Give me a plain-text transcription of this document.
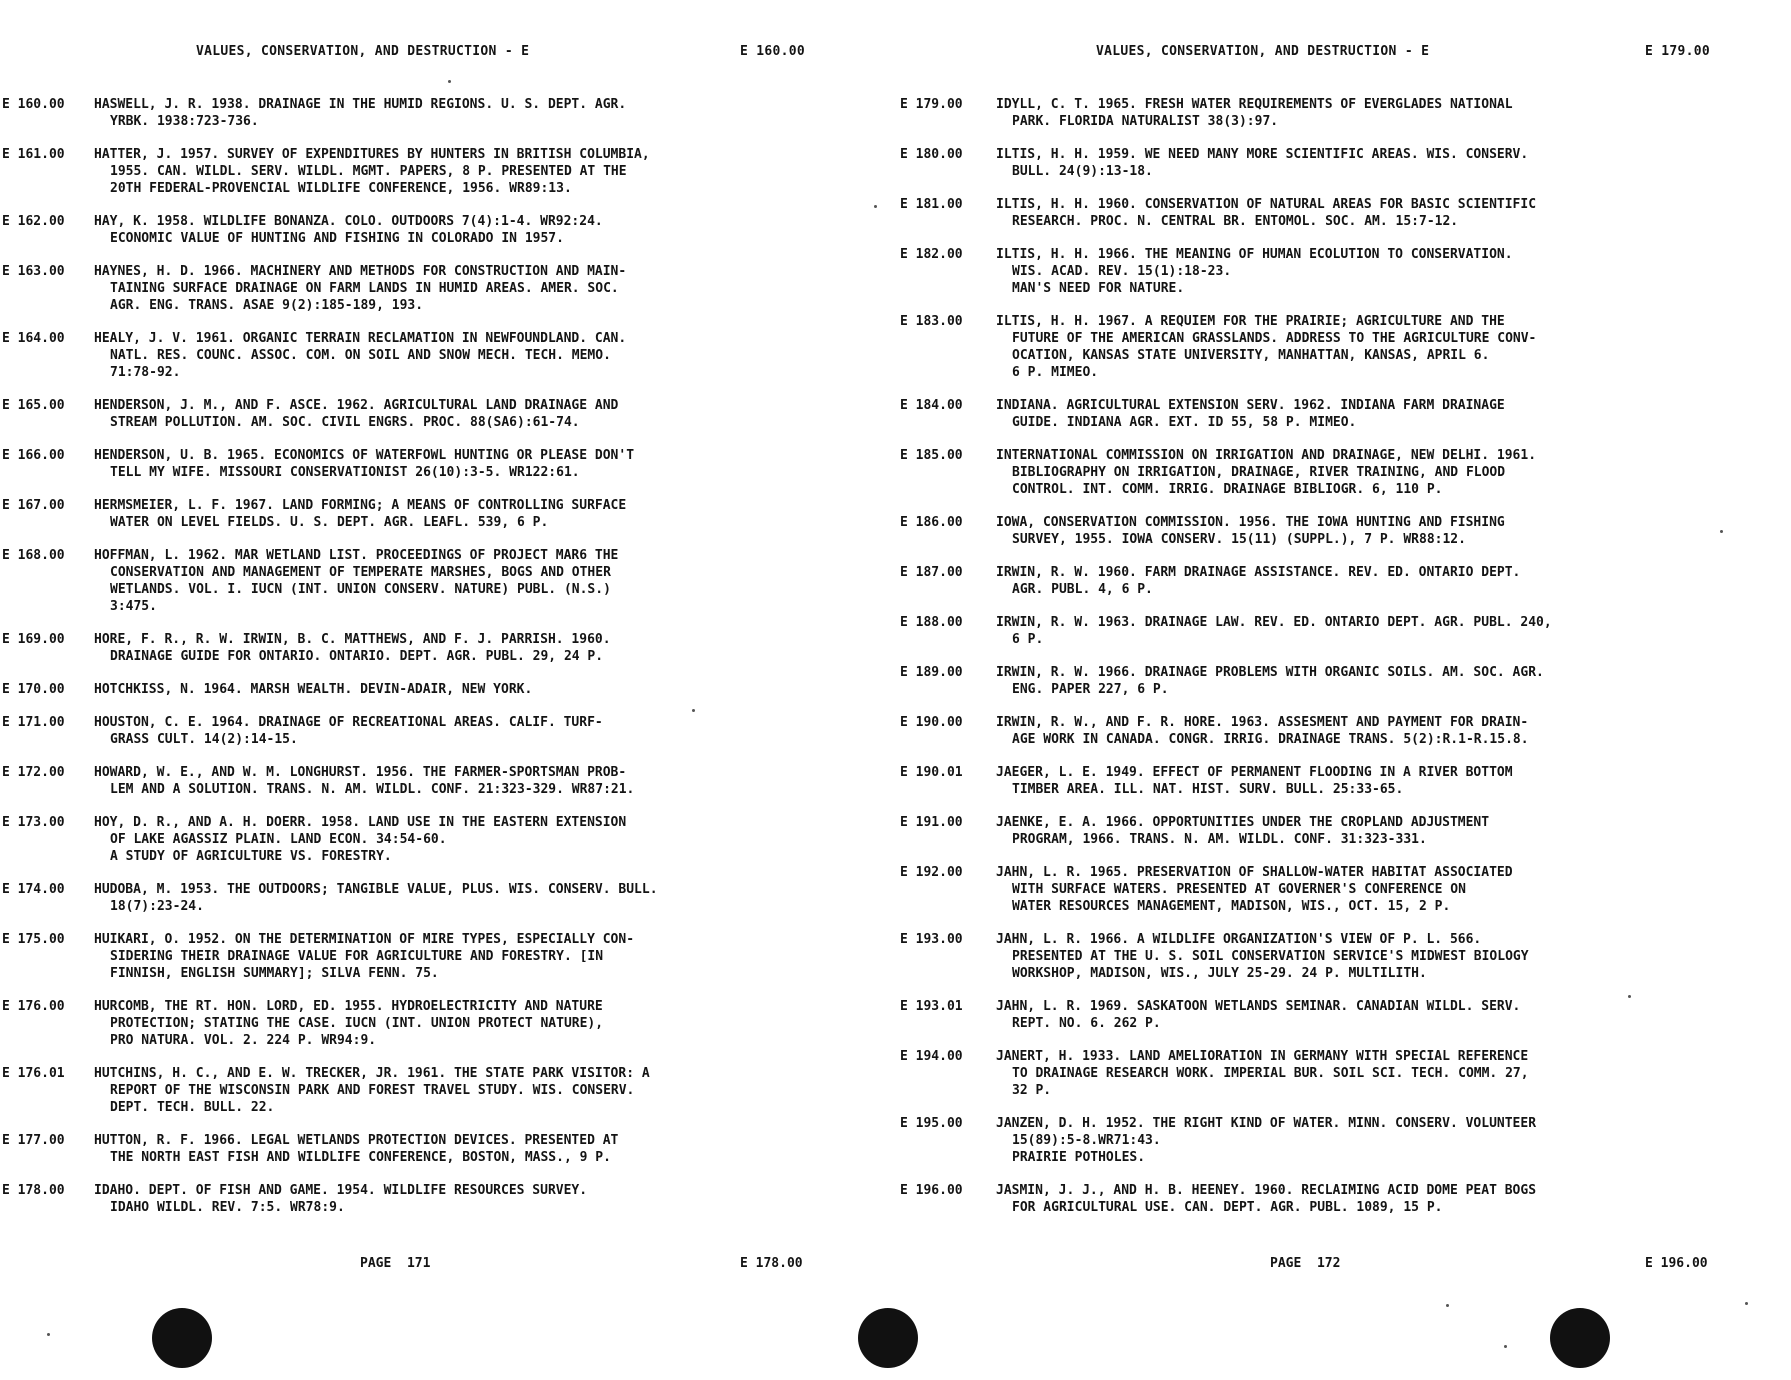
VALUES, CONSERVATION, AND DESTRUCTION - E	E 160.00
E 160.00 HASWELL, J. R. 1938. DRAINAGE IN THE HUMID REGIONS. U. S. DEPT. AGR.
YRBK. 1938:723-736.
E 161.00 HATTER, J. 1957. SURVEY OF EXPENDITURES BY HUNTERS IN BRITISH COLUMBIA,
1955. CAN. WILDL. SERV. WILDL. MGMT. PAPERS, 8 P. PRESENTED AT THE
20TH FEDERAL-PROVENCIAL WILDLIFE CONFERENCE, 1956. WR89:13.
E 162.00 HAY, K. 1958. WILDLIFE BONANZA. COLO. OUTDOORS 7(4):1-4. WR92:24.
ECONOMIC VALUE OF HUNTING AND FISHING IN COLORADO IN 1957.
E 163.00 HAYNES, H. D. 1966. MACHINERY AND METHODS FOR CONSTRUCTION AND MAIN-
TAINING SURFACE DRAINAGE ON FARM LANDS IN HUMID AREAS. AMER. SOC.
AGR. ENG. TRANS. ASAE 9(2):185-189, 193.
E 164.00 HEALY, J. V. 1961. ORGANIC TERRAIN RECLAMATION IN NEWFOUNDLAND. CAN.
NATL. RES. COUNC. ASSOC. COM. ON SOIL AND SNOW MECH. TECH. MEMO.
71:78-92.
E 165.00 HENDERSON, J. M., AND F. ASCE. 1962. AGRICULTURAL LAND DRAINAGE AND
STREAM POLLUTION. AM. SOC. CIVIL ENGRS. PROC. 88(SA6):61-74.
E 166.00 HENDERSON, U. B. 1965. ECONOMICS OF WATERFOWL HUNTING OR PLEASE DON'T
TELL MY WIFE. MISSOURI CONSERVATIONIST 26(10):3-5. WR122:61.
E 167.00 HERMSMEIER, L. F. 1967. LAND FORMING; A MEANS OF CONTROLLING SURFACE
WATER ON LEVEL FIELDS. U. S. DEPT. AGR. LEAFL. 539, 6 P.
E 168.00 HOFFMAN, L. 1962. MAR WETLAND LIST. PROCEEDINGS OF PROJECT MAR6 THE
CONSERVATION AND MANAGEMENT OF TEMPERATE MARSHES, BOGS AND OTHER
WETLANDS. VOL. I. IUCN (INT. UNION CONSERV. NATURE) PUBL. (N.S.)
3:475.
E 169.00 HORE, F. R., R. W. IRWIN, B. C. MATTHEWS, AND F. J. PARRISH. 1960.
DRAINAGE GUIDE FOR ONTARIO. ONTARIO. DEPT. AGR. PUBL. 29, 24 P.
E 170.00 HOTCHKISS, N. 1964. MARSH WEALTH. DEVIN-ADAIR, NEW YORK.
E 171.00 HOUSTON, C. E. 1964. DRAINAGE OF RECREATIONAL AREAS. CALIF. TURF-
GRASS CULT. 14(2):14-15.
E 172.00 HOWARD, W. E., AND W. M. LONGHURST. 1956. THE FARMER-SPORTSMAN PROB-
LEM AND A SOLUTION. TRANS. N. AM. WILDL. CONF. 21:323-329. WR87:21.
E 173.00 HOY, D. R., AND A. H. DOERR. 1958. LAND USE IN THE EASTERN EXTENSION
OF LAKE AGASSIZ PLAIN. LAND ECON. 34:54-60.
A STUDY OF AGRICULTURE VS. FORESTRY.
E 174.00 HUDOBA, M. 1953. THE OUTDOORS; TANGIBLE VALUE, PLUS. WIS. CONSERV. BULL.
18(7):23-24.
E 175.00 HUIKARI, O. 1952. ON THE DETERMINATION OF MIRE TYPES, ESPECIALLY CON-
SIDERING THEIR DRAINAGE VALUE FOR AGRICULTURE AND FORESTRY. [IN
FINNISH, ENGLISH SUMMARY]; SILVA FENN. 75.
E 176.00 HURCOMB, THE RT. HON. LORD, ED. 1955. HYDROELECTRICITY AND NATURE
PROTECTION; STATING THE CASE. IUCN (INT. UNION PROTECT NATURE),
PRO NATURA. VOL. 2. 224 P. WR94:9.
E 176.01 HUTCHINS, H. C., AND E. W. TRECKER, JR. 1961. THE STATE PARK VISITOR: A
REPORT OF THE WISCONSIN PARK AND FOREST TRAVEL STUDY. WIS. CONSERV.
DEPT. TECH. BULL. 22.
E 177.00 HUTTON, R. F. 1966. LEGAL WETLANDS PROTECTION DEVICES. PRESENTED AT
THE NORTH EAST FISH AND WILDLIFE CONFERENCE, BOSTON, MASS., 9 P.
E 178.00 IDAHO. DEPT. OF FISH AND GAME. 1954. WILDLIFE RESOURCES SURVEY.
IDAHO WILDL. REV. 7:5. WR78:9.
PAGE  171	E 178.00
VALUES, CONSERVATION, AND DESTRUCTION - E	E 179.00
E 179.00	IDYLL, C. T. 1965. FRESH WATER REQUIREMENTS OF EVERGLADES NATIONAL
PARK. FLORIDA NATURALIST 38(3):97.
E 180.00	ILTIS, H. H. 1959. WE NEED MANY MORE SCIENTIFIC AREAS. WIS. CONSERV.
BULL. 24(9):13-18.
E 181.00	ILTIS, H. H. 1960. CONSERVATION OF NATURAL AREAS FOR BASIC SCIENTIFIC
RESEARCH. PROC. N. CENTRAL BR. ENTOMOL. SOC. AM. 15:7-12.
E 182.00	ILTIS, H. H. 1966. THE MEANING OF HUMAN ECOLUTION TO CONSERVATION.
WIS. ACAD. REV. 15(1):18-23.
MAN'S NEED FOR NATURE.
E 183.00	ILTIS, H. H. 1967. A REQUIEM FOR THE PRAIRIE; AGRICULTURE AND THE
FUTURE OF THE AMERICAN GRASSLANDS. ADDRESS TO THE AGRICULTURE CONV-
OCATION, KANSAS STATE UNIVERSITY, MANHATTAN, KANSAS, APRIL 6.
6 P. MIMEO.
E 184.00	INDIANA. AGRICULTURAL EXTENSION SERV. 1962. INDIANA FARM DRAINAGE
GUIDE. INDIANA AGR. EXT. ID 55, 58 P. MIMEO.
E 185.00	INTERNATIONAL COMMISSION ON IRRIGATION AND DRAINAGE, NEW DELHI. 1961.
BIBLIOGRAPHY ON IRRIGATION, DRAINAGE, RIVER TRAINING, AND FLOOD
CONTROL. INT. COMM. IRRIG. DRAINAGE BIBLIOGR. 6, 110 P.
E 186.00	IOWA, CONSERVATION COMMISSION. 1956. THE IOWA HUNTING AND FISHING
SURVEY, 1955. IOWA CONSERV. 15(11) (SUPPL.), 7 P. WR88:12.
E 187.00	IRWIN, R. W. 1960. FARM DRAINAGE ASSISTANCE. REV. ED. ONTARIO DEPT.
AGR. PUBL. 4, 6 P.
E 188.00	IRWIN, R. W. 1963. DRAINAGE LAW. REV. ED. ONTARIO DEPT. AGR. PUBL. 240,
6 P.
E 189.00	IRWIN, R. W. 1966. DRAINAGE PROBLEMS WITH ORGANIC SOILS. AM. SOC. AGR.
ENG. PAPER 227, 6 P.
E 190.00	IRWIN, R. W., AND F. R. HORE. 1963. ASSESMENT AND PAYMENT FOR DRAIN-
AGE WORK IN CANADA. CONGR. IRRIG. DRAINAGE TRANS. 5(2):R.1-R.15.8.
E 190.01	JAEGER, L. E. 1949. EFFECT OF PERMANENT FLOODING IN A RIVER BOTTOM
TIMBER AREA. ILL. NAT. HIST. SURV. BULL. 25:33-65.
E 191.00	JAENKE, E. A. 1966. OPPORTUNITIES UNDER THE CROPLAND ADJUSTMENT
PROGRAM, 1966. TRANS. N. AM. WILDL. CONF. 31:323-331.
E 192.00	JAHN, L. R. 1965. PRESERVATION OF SHALLOW-WATER HABITAT ASSOCIATED
WITH SURFACE WATERS. PRESENTED AT GOVERNER'S CONFERENCE ON
WATER RESOURCES MANAGEMENT, MADISON, WIS., OCT. 15, 2 P.
E 193.00	JAHN, L. R. 1966. A WILDLIFE ORGANIZATION'S VIEW OF P. L. 566.
PRESENTED AT THE U. S. SOIL CONSERVATION SERVICE'S MIDWEST BIOLOGY
WORKSHOP, MADISON, WIS., JULY 25-29. 24 P. MULTILITH.
E 193.01	JAHN, L. R. 1969. SASKATOON WETLANDS SEMINAR. CANADIAN WILDL. SERV.
REPT. NO. 6. 262 P.
E 194.00	JANERT, H. 1933. LAND AMELIORATION IN GERMANY WITH SPECIAL REFERENCE
TO DRAINAGE RESEARCH WORK. IMPERIAL BUR. SOIL SCI. TECH. COMM. 27,
32 P.
E 195.00	JANZEN, D. H. 1952. THE RIGHT KIND OF WATER. MINN. CONSERV. VOLUNTEER
15(89):5-8.WR71:43.
PRAIRIE POTHOLES.
E 196.00	JASMIN, J. J., AND H. B. HEENEY. 1960. RECLAIMING ACID DOME PEAT BOGS
FOR AGRICULTURAL USE. CAN. DEPT. AGR. PUBL. 1089, 15 P.
PAGE  172	E 196.00
